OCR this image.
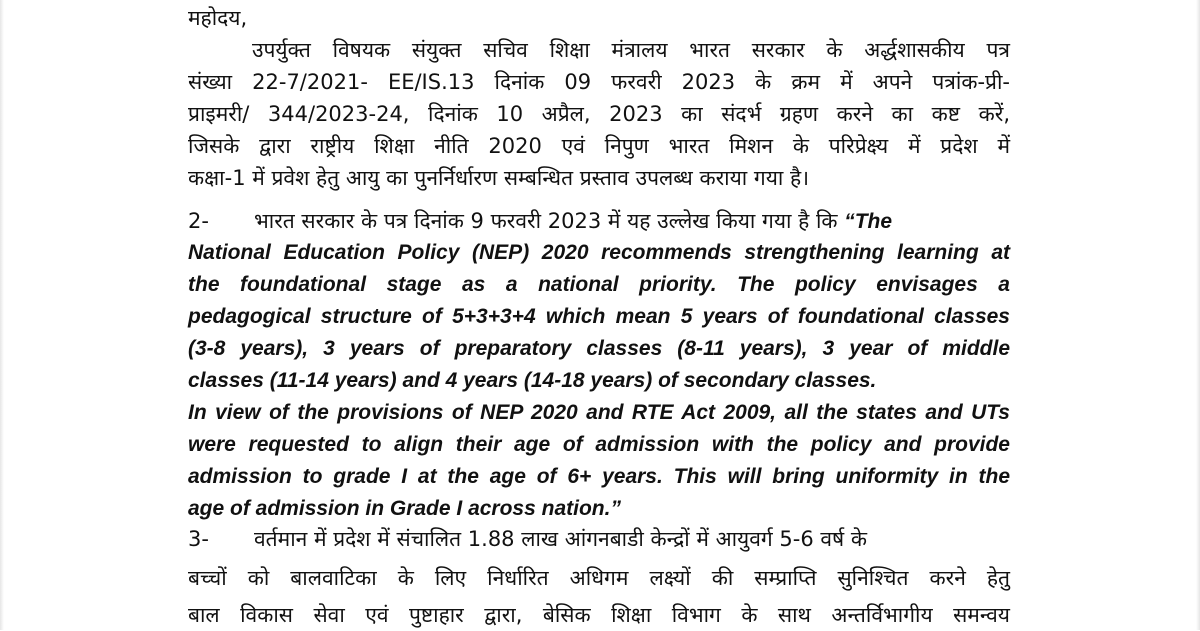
महोदय,

उपर्युक्त विषयक संयुक्त सचिव शिक्षा मंत्रालय भारत सरकार के अर्द्धशासकीय पत्र

संख्या 22-7/2021- EE/IS.13 दिनांक 09 फरवरी 2023 के क्रम में अपने पत्रांक-प्री-

प्राइमरी/ 344/2023-24, दिनांक 10 अप्रैल, 2023 का संदर्भ ग्रहण करने का कष्ट करें,

जिसके द्वारा राष्ट्रीय शिक्षा नीति 2020 एवं निपुण भारत मिशन के परिप्रेक्ष्य में प्रदेश में

कक्षा-1 में प्रवेश हेतु आयु का पुनर्निर्धारण सम्बन्धित प्रस्ताव उपलब्ध कराया गया है।

2- भारत सरकार के पत्र दिनांक 9 फरवरी 2023 में यह उल्लेख किया गया है कि “The

National Education Policy (NEP) 2020 recommends strengthening learning at

the foundational stage as a national priority. The policy envisages a

pedagogical structure of 5+3+3+4 which mean 5 years of foundational classes

(3-8 years), 3 years of preparatory classes (8-11 years), 3 year of middle

classes (11-14 years) and 4 years (14-18 years) of secondary classes.

In view of the provisions of NEP 2020 and RTE Act 2009, all the states and UTs

were requested to align their age of admission with the policy and provide

admission to grade I at the age of 6+ years. This will bring uniformity in the

age of admission in Grade I across nation.”

3- वर्तमान में प्रदेश में संचालित 1.88 लाख आंगनबाडी केन्द्रों में आयुवर्ग 5-6 वर्ष के

बच्चों को बालवाटिका के लिए निर्धारित अधिगम लक्ष्यों की सम्प्राप्ति सुनिश्चित करने हेतु

बाल विकास सेवा एवं पुष्टाहार द्वारा, बेसिक शिक्षा विभाग के साथ अन्तर्विभागीय समन्वय
